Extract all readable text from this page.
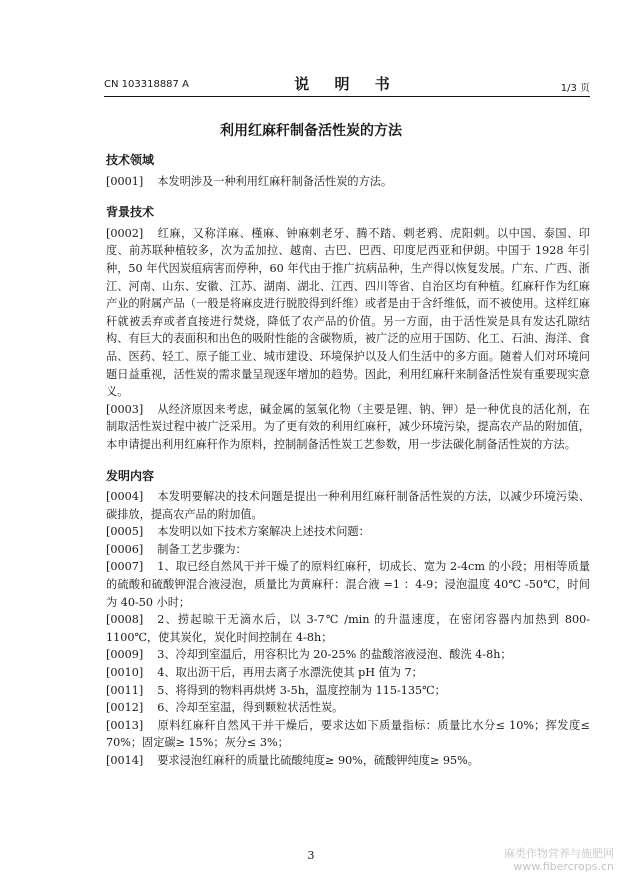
CN 103318887 A	说 明 书	1/3 页
利用红麻秆制备活性炭的方法
技术领域

[0001] 本发明涉及一种利用红麻秆制备活性炭的方法。

背景技术

[0002] 红麻，又称洋麻、槿麻、钟麻剌老牙、腾不踏、剌老鸦、虎阳剌。以中国、泰国、印度、前苏联种植较多，次为孟加拉、越南、古巴、巴西、印度尼西亚和伊朗。中国于 1928 年引种，50 年代因炭疽病害而停种，60 年代由于推广抗病品种，生产得以恢复发展。广东、广西、浙江、河南、山东、安徽、江苏、湖南、湖北、江西、四川等省、自治区均有种植。红麻秆作为红麻产业的附属产品（一般是将麻皮进行脱胶得到纤维）或者是由于含纤维低，而不被使用。这样红麻秆就被丢弃或者直接进行焚烧，降低了农产品的价值。另一方面，由于活性炭是具有发达孔隙结构、有巨大的表面积和出色的吸附性能的含碳物质，被广泛的应用于国防、化工、石油、海洋、食品、医药、轻工、原子能工业、城市建设、环境保护以及人们生活中的多方面。随着人们对环境问题日益重视，活性炭的需求量呈现逐年增加的趋势。因此，利用红麻秆来制备活性炭有重要现实意义。

[0003] 从经济原因来考虑，碱金属的氢氧化物（主要是锂、钠、钾）是一种优良的活化剂，在制取活性炭过程中被广泛采用。为了更有效的利用红麻秆，减少环境污染，提高农产品的附加值，本申请提出利用红麻秆作为原料，控制制备活性炭工艺参数，用一步法碳化制备活性炭的方法。

发明内容

[0004] 本发明要解决的技术问题是提出一种利用红麻秆制备活性炭的方法，以减少环境污染、碳排放，提高农产品的附加值。

[0005] 本发明以如下技术方案解决上述技术问题：

[0006] 制备工艺步骤为：

[0007] 1、取已经自然风干并干燥了的原料红麻秆，切成长、宽为 2-4cm 的小段；用相等质量的硫酸和硫酸钾混合液浸泡，质量比为黄麻秆：混合液 =1 ：4-9；浸泡温度 40℃ -50℃，时间为 40-50 小时；

[0008] 2、捞起晾干无滴水后，以 3-7℃ /min 的升温速度，在密闭容器内加热到 800-1100℃，使其炭化，炭化时间控制在 4-8h；

[0009] 3、冷却到室温后，用容积比为 20-25% 的盐酸溶液浸泡、酸洗 4-8h；

[0010] 4、取出沥干后，再用去离子水漂洗使其 pH 值为 7；

[0011] 5、将得到的物料再烘烤 3-5h，温度控制为 115-135℃；

[0012] 6、冷却至室温，得到颗粒状活性炭。

[0013] 原料红麻秆自然风干并干燥后，要求达如下质量指标：质量比水分≤ 10%；挥发度≤ 70%；固定碳≥ 15%；灰分≤ 3%；

[0014] 要求浸泡红麻秆的质量比硫酸纯度≥ 90%，硫酸钾纯度≥ 95%。

3	麻类作物营养与施肥网
www.fibercrops.cn
